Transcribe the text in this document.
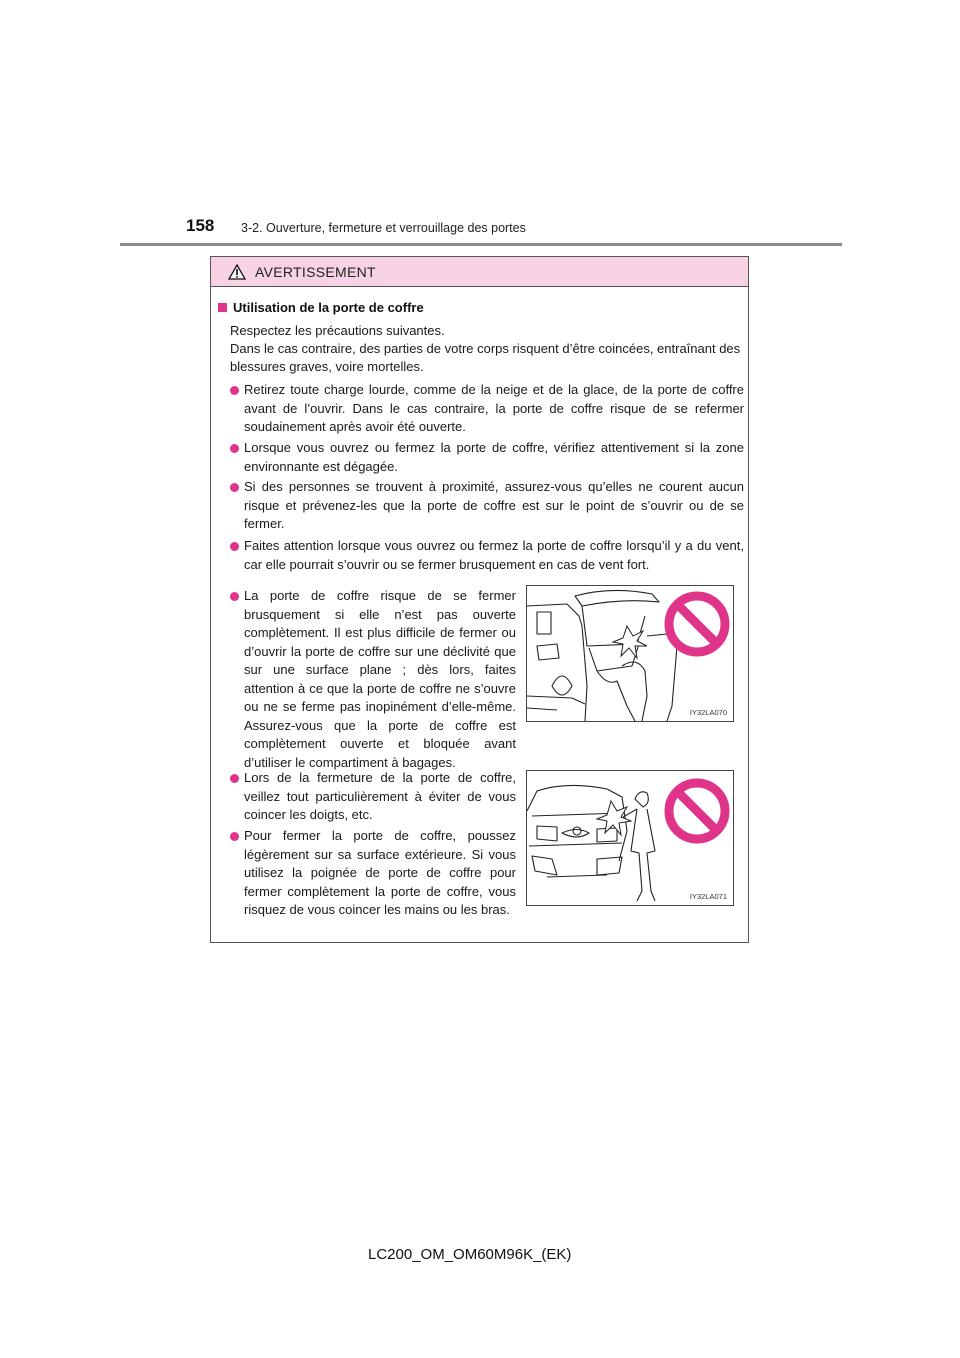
158 3-2. Ouverture, fermeture et verrouillage des portes
AVERTISSEMENT
Utilisation de la porte de coffre
Respectez les précautions suivantes.
Dans le cas contraire, des parties de votre corps risquent d’être coincées, entraînant des blessures graves, voire mortelles.
Retirez toute charge lourde, comme de la neige et de la glace, de la porte de coffre avant de l’ouvrir. Dans le cas contraire, la porte de coffre risque de se refermer soudainement après avoir été ouverte.
Lorsque vous ouvrez ou fermez la porte de coffre, vérifiez attentivement si la zone environnante est dégagée.
Si des personnes se trouvent à proximité, assurez-vous qu’elles ne courent aucun risque et prévenez-les que la porte de coffre est sur le point de s’ouvrir ou de se fermer.
Faites attention lorsque vous ouvrez ou fermez la porte de coffre lorsqu’il y a du vent, car elle pourrait s’ouvrir ou se fermer brusquement en cas de vent fort.
La porte de coffre risque de se fermer brusquement si elle n’est pas ouverte complètement. Il est plus difficile de fermer ou d’ouvrir la porte de coffre sur une déclivité que sur une surface plane ; dès lors, faites attention à ce que la porte de coffre ne s’ouvre ou ne se ferme pas inopinément d’elle-même. Assurez-vous que la porte de coffre est complètement ouverte et bloquée avant d’utiliser le compartiment à bagages.
Lors de la fermeture de la porte de coffre, veillez tout particulièrement à éviter de vous coincer les doigts, etc.
Pour fermer la porte de coffre, poussez légèrement sur sa surface extérieure. Si vous utilisez la poignée de porte de coffre pour fermer complètement la porte de coffre, vous risquez de vous coincer les mains ou les bras.
IY32LA070
IY32LA071
LC200_OM_OM60M96K_(EK)
